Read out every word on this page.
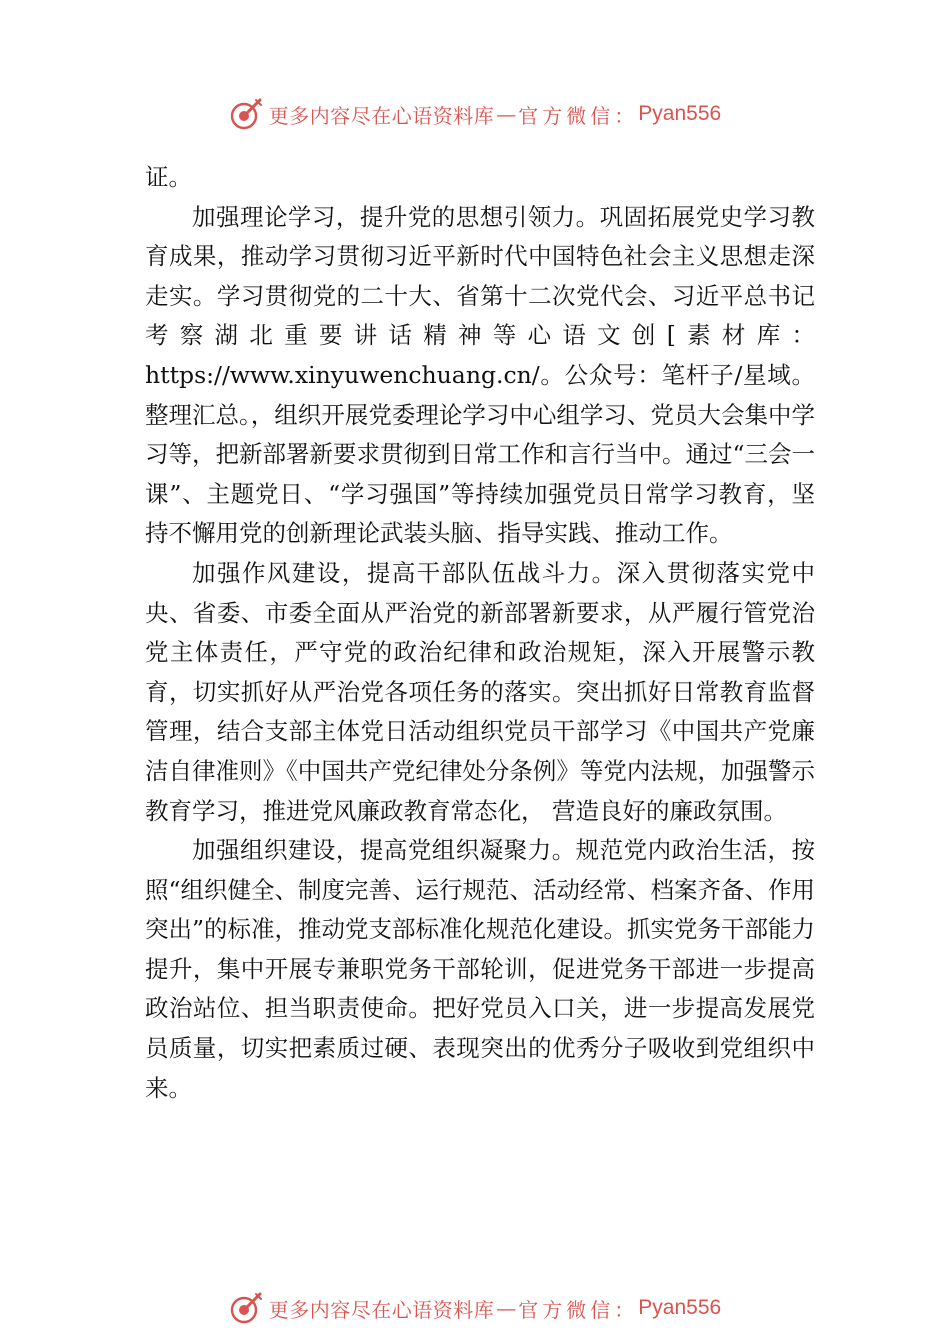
更多内容尽在心语资料库 — 官方微信： Pyan556

证。

加强理论学习，提升党的思想引领力。巩固拓展党史学习教育成果，推动学习贯彻习近平新时代中国特色社会主义思想走深走实。学习贯彻党的二十大、省第十二次党代会、习近平总书记考察湖北重要讲话精神等心语文创[素材库：https://www.xinyuwenchuang.cn/。公众号：笔杆子/星域。整理汇总。，组织开展党委理论学习中心组学习、党员大会集中学习等，把新部署新要求贯彻到日常工作和言行当中。通过“三会一课”、主题党日、“学习强国”等持续加强党员日常学习教育，坚持不懈用党的创新理论武装头脑、指导实践、推动工作。

加强作风建设，提高干部队伍战斗力。深入贯彻落实党中央、省委、市委全面从严治党的新部署新要求，从严履行管党治党主体责任，严守党的政治纪律和政治规矩，深入开展警示教育，切实抓好从严治党各项任务的落实。突出抓好日常教育监督管理，结合支部主体党日活动组织党员干部学习《中国共产党廉洁自律准则》《中国共产党纪律处分条例》等党内法规，加强警示教育学习，推进党风廉政教育常态化， 营造良好的廉政氛围。

加强组织建设，提高党组织凝聚力。规范党内政治生活，按照“组织健全、制度完善、运行规范、活动经常、档案齐备、作用突出”的标准，推动党支部标准化规范化建设。抓实党务干部能力提升，集中开展专兼职党务干部轮训，促进党务干部进一步提高政治站位、担当职责使命。把好党员入口关，进一步提高发展党员质量，切实把素质过硬、表现突出的优秀分子吸收到党组织中来。

更多内容尽在心语资料库 — 官方微信： Pyan556
